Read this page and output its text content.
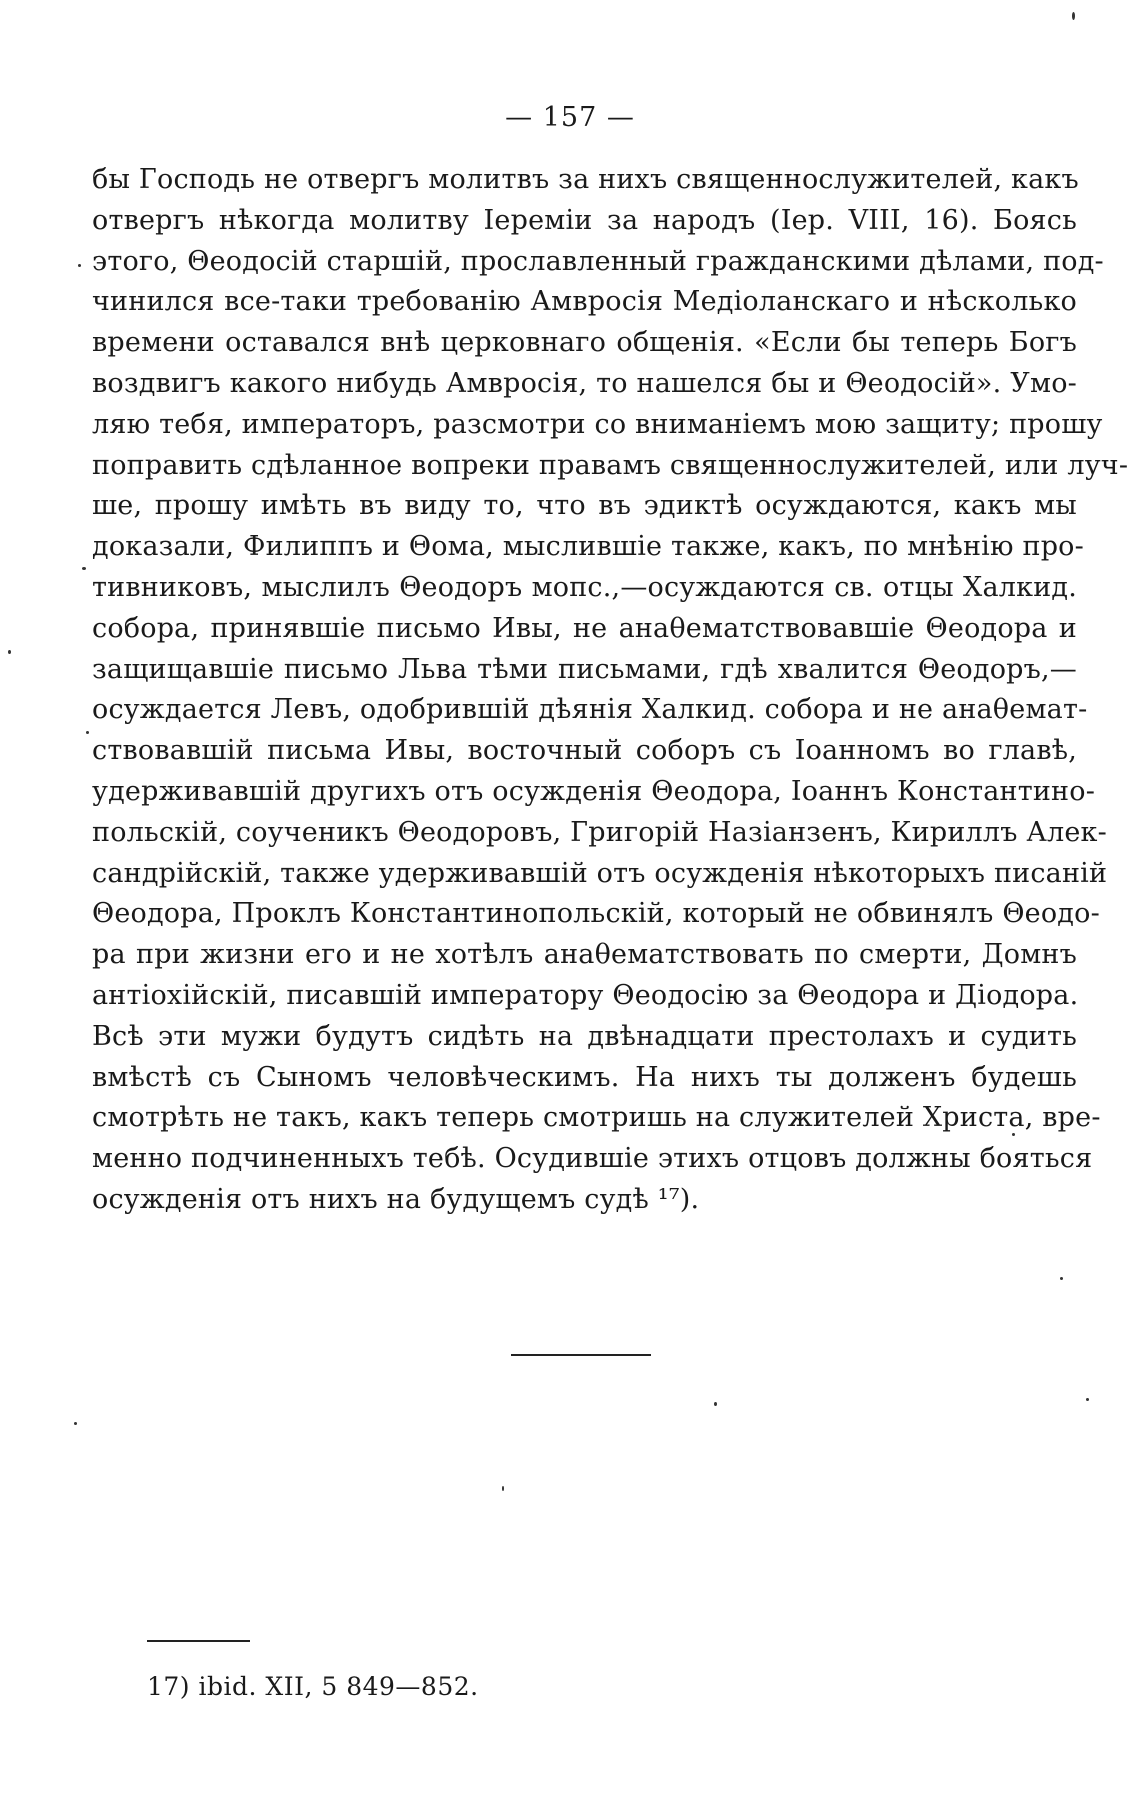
— 157 —
бы Господь не отвергъ молитвъ за нихъ священнослужителей, какъ
отвергъ нѣкогда молитву Іереміи за народъ (Іер. VIII, 16). Боясь
этого, Θеодосій старшій, прославленный гражданскими дѣлами, под-
чинился все-таки требованію Амвросія Медіоланскаго и нѣсколько
времени оставался внѣ церковнаго общенія. «Если бы теперь Богъ
воздвигъ какого нибудь Амвросія, то нашелся бы и Θеодосій». Умо-
ляю тебя, императоръ, разсмотри со вниманіемъ мою защиту; прошу
поправить сдѣланное вопреки правамъ священнослужителей, или луч-
ше, прошу имѣть въ виду то, что въ эдиктѣ осуждаются, какъ мы
доказали, Филиппъ и Θома, мыслившіе также, какъ, по мнѣнію про-
тивниковъ, мыслилъ Θеодоръ мопс.,—осуждаются св. отцы Халкид.
собора, принявшіе письмо Ивы, не анаθематствовавшіе Θеодора и
защищавшіе письмо Льва тѣми письмами, гдѣ хвалится Θеодоръ,—
осуждается Левъ, одобрившій дѣянія Халкид. собора и не анаθемат-
ствовавшій письма Ивы, восточный соборъ съ Іоанномъ во главѣ,
удерживавшій другихъ отъ осужденія Θеодора, Іоаннъ Константино-
польскій, соученикъ Θеодоровъ, Григорій Назіанзенъ, Кириллъ Алек-
сандрійскій, также удерживавшій отъ осужденія нѣкоторыхъ писаній
Θеодора, Проклъ Константинопольскій, который не обвинялъ Θеодо-
ра при жизни его и не хотѣлъ анаθематствовать по смерти, Домнъ
антіохійскій, писавшій императору Θеодосію за Θеодора и Діодора.
Всѣ эти мужи будутъ сидѣть на двѣнадцати престолахъ и судить
вмѣстѣ съ Сыномъ человѣческимъ. На нихъ ты долженъ будешь
смотрѣть не такъ, какъ теперь смотришь на служителей Христа, вре-
менно подчиненныхъ тебѣ. Осудившіе этихъ отцовъ должны бояться
осужденія отъ нихъ на будущемъ судѣ ¹⁷).
17) ibid. XII, 5 849—852.
